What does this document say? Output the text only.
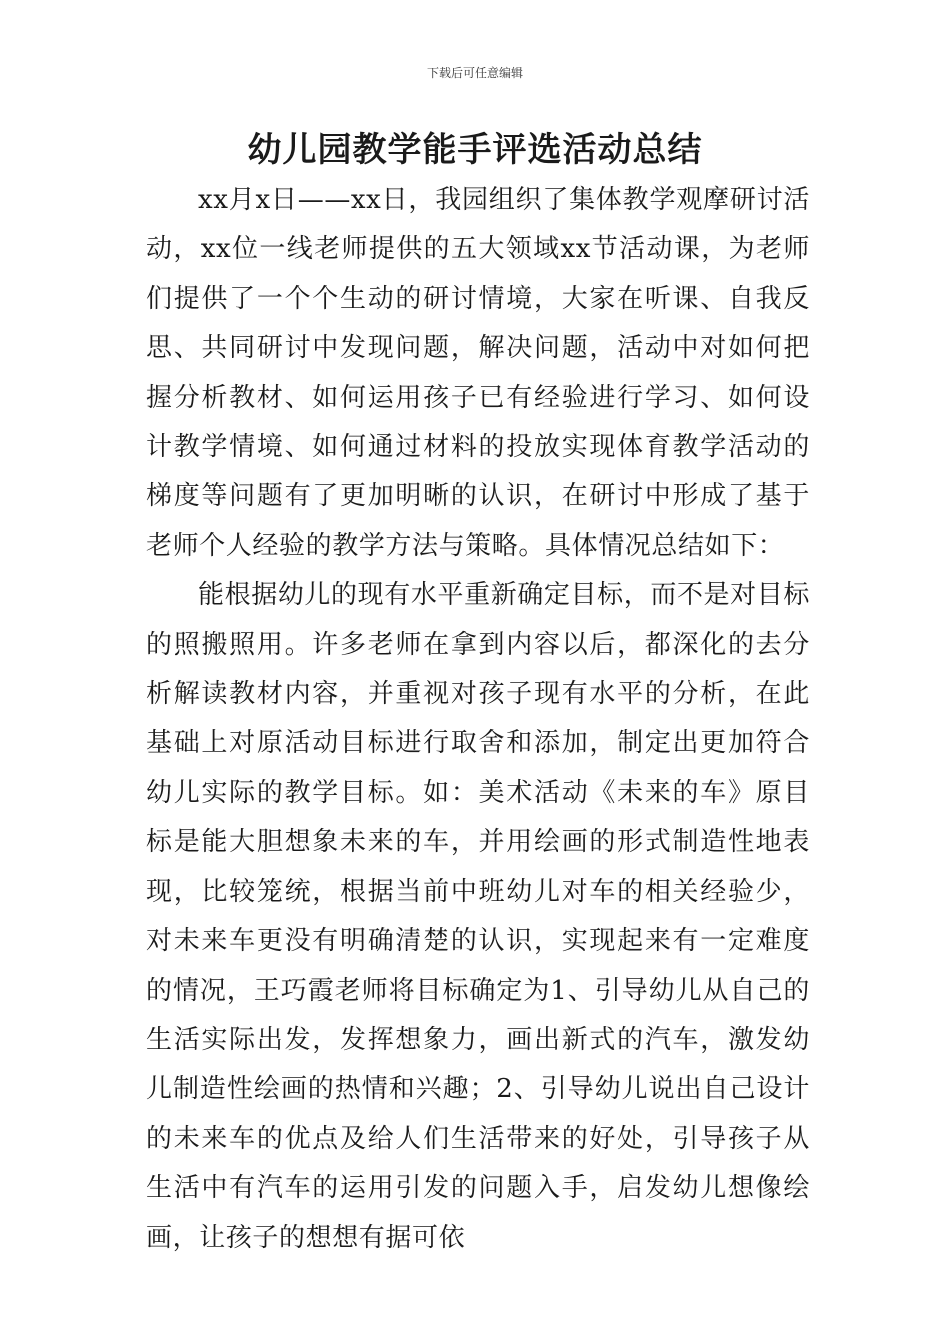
下载后可任意编辑
幼儿园教学能手评选活动总结

xx月x日——xx日，我园组织了集体教学观摩研讨活动，xx位一线老师提供的五大领域xx节活动课，为老师们提供了一个个生动的研讨情境，大家在听课、自我反思、共同研讨中发现问题，解决问题，活动中对如何把握分析教材、如何运用孩子已有经验进行学习、如何设计教学情境、如何通过材料的投放实现体育教学活动的梯度等问题有了更加明晰的认识，在研讨中形成了基于老师个人经验的教学方法与策略。具体情况总结如下：

能根据幼儿的现有水平重新确定目标，而不是对目标的照搬照用。许多老师在拿到内容以后，都深化的去分析解读教材内容，并重视对孩子现有水平的分析，在此基础上对原活动目标进行取舍和添加，制定出更加符合幼儿实际的教学目标。如：美术活动《未来的车》原目标是能大胆想象未来的车，并用绘画的形式制造性地表现，比较笼统，根据当前中班幼儿对车的相关经验少，对未来车更没有明确清楚的认识，实现起来有一定难度的情况，王巧霞老师将目标确定为1、引导幼儿从自己的生活实际出发，发挥想象力，画出新式的汽车，激发幼儿制造性绘画的热情和兴趣；2、引导幼儿说出自己设计的未来车的优点及给人们生活带来的好处，引导孩子从生活中有汽车的运用引发的问题入手，启发幼儿想像绘画，让孩子的想想有据可依
